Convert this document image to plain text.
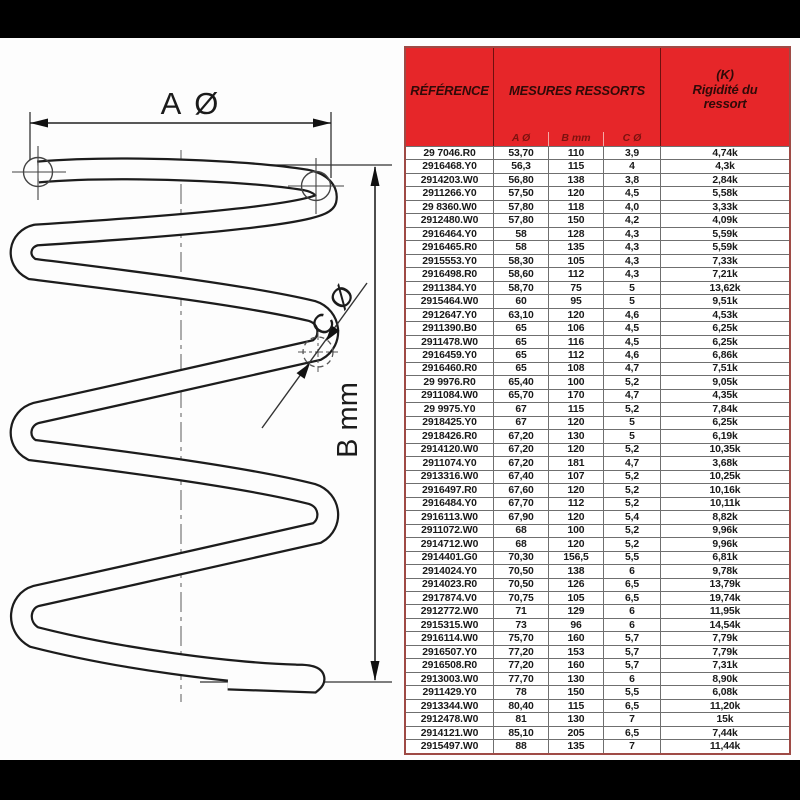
A Ø
B mm
C Ø
RÉFÉRENCE	MESURES RESSORTS
(K)
Rigidité du
ressort
A Ø	B mm	C Ø
29 7046.R0	53,70	110	3,9	4,74k
2916468.Y0	56,3	115	4	4,3k
2914203.W0	56,80	138	3,8	2,84k
2911266.Y0	57,50	120	4,5	5,58k
29 8360.W0	57,80	118	4,0	3,33k
2912480.W0	57,80	150	4,2	4,09k
2916464.Y0	58	128	4,3	5,59k
2916465.R0	58	135	4,3	5,59k
2915553.Y0	58,30	105	4,3	7,33k
2916498.R0	58,60	112	4,3	7,21k
2911384.Y0	58,70	75	5	13,62k
2915464.W0	60	95	5	9,51k
2912647.Y0	63,10	120	4,6	4,53k
2911390.B0	65	106	4,5	6,25k
2911478.W0	65	116	4,5	6,25k
2916459.Y0	65	112	4,6	6,86k
2916460.R0	65	108	4,7	7,51k
29 9976.R0	65,40	100	5,2	9,05k
2911084.W0	65,70	170	4,7	4,35k
29 9975.Y0	67	115	5,2	7,84k
2918425.Y0	67	120	5	6,25k
2918426.R0	67,20	130	5	6,19k
2914120.W0	67,20	120	5,2	10,35k
2911074.Y0	67,20	181	4,7	3,68k
2913316.W0	67,40	107	5,2	10,25k
2916497.R0	67,60	120	5,2	10,16k
2916484.Y0	67,70	112	5,2	10,11k
2916113.W0	67,90	120	5,4	8,82k
2911072.W0	68	100	5,2	9,96k
2914712.W0	68	120	5,2	9,96k
2914401.G0	70,30	156,5	5,5	6,81k
2914024.Y0	70,50	138	6	9,78k
2914023.R0	70,50	126	6,5	13,79k
2917874.V0	70,75	105	6,5	19,74k
2912772.W0	71	129	6	11,95k
2915315.W0	73	96	6	14,54k
2916114.W0	75,70	160	5,7	7,79k
2916507.Y0	77,20	153	5,7	7,79k
2916508.R0	77,20	160	5,7	7,31k
2913003.W0	77,70	130	6	8,90k
2911429.Y0	78	150	5,5	6,08k
2913344.W0	80,40	115	6,5	11,20k
2912478.W0	81	130	7	15k
2914121.W0	85,10	205	6,5	7,44k
2915497.W0	88	135	7	11,44k
